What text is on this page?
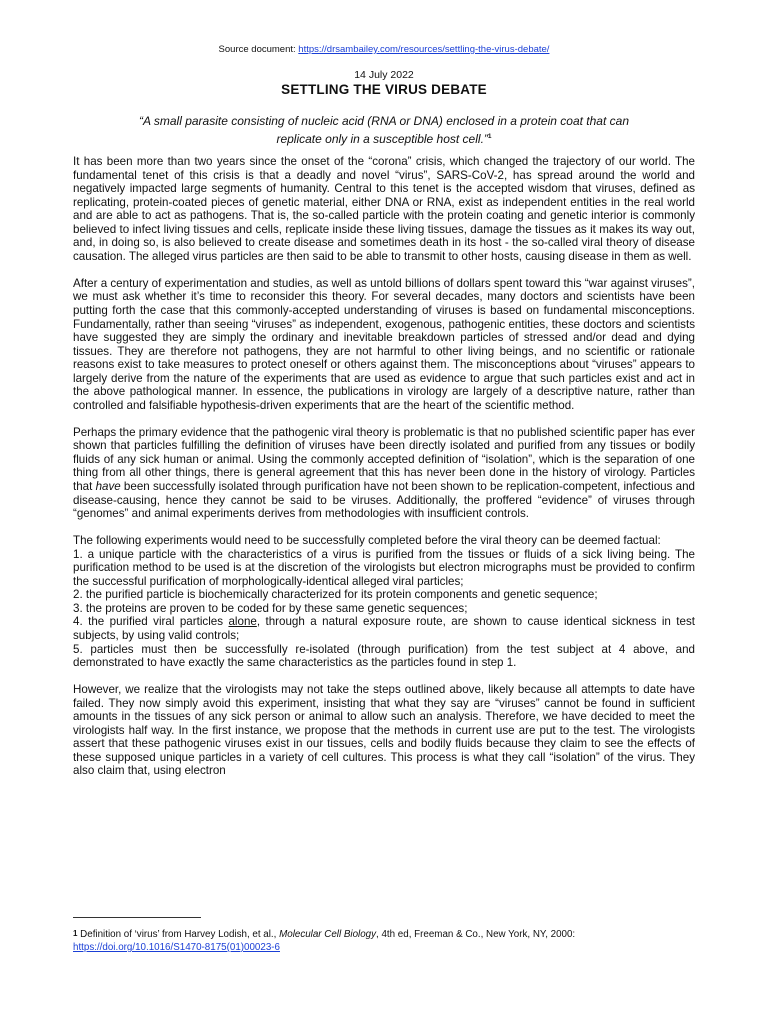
Source document: https://drsambailey.com/resources/settling-the-virus-debate/
14 July 2022
SETTLING THE VIRUS DEBATE
“A small parasite consisting of nucleic acid (RNA or DNA) enclosed in a protein coat that can
replicate only in a susceptible host cell.”$^1$

It has been more than two years since the onset of the “corona” crisis, which changed the trajectory of our world. The fundamental tenet of this crisis is that a deadly and novel “virus”, SARS-CoV-2, has spread around the world and negatively impacted large segments of humanity. Central to this tenet is the accepted wisdom that viruses, defined as replicating, protein-coated pieces of genetic material, either DNA or RNA, exist as independent entities in the real world and are able to act as pathogens. That is, the so-called particle with the protein coating and genetic interior is commonly believed to infect living tissues and cells, replicate inside these living tissues, damage the tissues as it makes its way out, and, in doing so, is also believed to create disease and sometimes death in its host - the so-called viral theory of disease causation. The alleged virus particles are then said to be able to transmit to other hosts, causing disease in them as well.

After a century of experimentation and studies, as well as untold billions of dollars spent toward this “war against viruses”, we must ask whether it’s time to reconsider this theory. For several decades, many doctors and scientists have been putting forth the case that this commonly-accepted understanding of viruses is based on fundamental misconceptions. Fundamentally, rather than seeing “viruses” as independent, exogenous, pathogenic entities, these doctors and scientists have suggested they are simply the ordinary and inevitable breakdown particles of stressed and/or dead and dying tissues. They are therefore not pathogens, they are not harmful to other living beings, and no scientific or rationale reasons exist to take measures to protect oneself or others against them. The misconceptions about “viruses” appears to largely derive from the nature of the experiments that are used as evidence to argue that such particles exist and act in the above pathological manner. In essence, the publications in virology are largely of a descriptive nature, rather than controlled and falsifiable hypothesis-driven experiments that are the heart of the scientific method.

Perhaps the primary evidence that the pathogenic viral theory is problematic is that no published scientific paper has ever shown that particles fulfilling the definition of viruses have been directly isolated and purified from any tissues or bodily fluids of any sick human or animal. Using the commonly accepted definition of “isolation”, which is the separation of one thing from all other things, there is general agreement that this has never been done in the history of virology. Particles that have been successfully isolated through purification have not been shown to be replication-competent, infectious and disease-causing, hence they cannot be said to be viruses. Additionally, the proffered “evidence” of viruses through “genomes” and animal experiments derives from methodologies with insufficient controls.

The following experiments would need to be successfully completed before the viral theory can be deemed factual:
1. a unique particle with the characteristics of a virus is purified from the tissues or fluids of a sick living being. The purification method to be used is at the discretion of the virologists but electron micrographs must be provided to confirm the successful purification of morphologically-identical alleged viral particles;
2. the purified particle is biochemically characterized for its protein components and genetic sequence;
3. the proteins are proven to be coded for by these same genetic sequences;
4. the purified viral particles alone, through a natural exposure route, are shown to cause identical sickness in test subjects, by using valid controls;
5. particles must then be successfully re-isolated (through purification) from the test subject at 4 above, and demonstrated to have exactly the same characteristics as the particles found in step 1.

However, we realize that the virologists may not take the steps outlined above, likely because all attempts to date have failed. They now simply avoid this experiment, insisting that what they say are “viruses” cannot be found in sufficient amounts in the tissues of any sick person or animal to allow such an analysis. Therefore, we have decided to meet the virologists half way. In the first instance, we propose that the methods in current use are put to the test. The virologists assert that these pathogenic viruses exist in our tissues, cells and bodily fluids because they claim to see the effects of these supposed unique particles in a variety of cell cultures. This process is what they call “isolation” of the virus. They also claim that, using electron

$^1$ Definition of ‘virus’ from Harvey Lodish, et al., Molecular Cell Biology, 4th ed, Freeman & Co., New York, NY, 2000:
https://doi.org/10.1016/S1470-8175(01)00023-6
